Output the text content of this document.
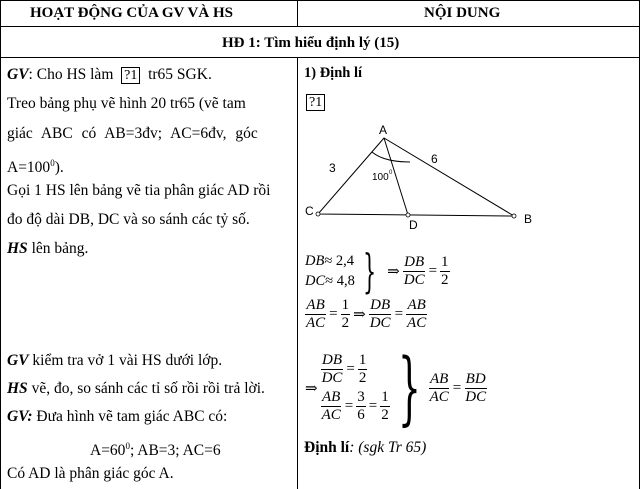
HOẠT ĐỘNG CỦA GV VÀ HS	NỘI DUNG
HĐ 1: Tìm hiểu định lý (15)
GV: Cho HS làm ?1 tr65 SGK.
Treo bảng phụ vẽ hình 20 tr65 (vẽ tam
giác ABC có AB=3đv; AC=6đv, góc
$A=100^0$).
Gọi 1 HS lên bảng vẽ tia phân giác AD rồi
đo độ dài DB, DC và so sánh các tỷ số.
HS lên bảng.
GV kiểm tra vở 1 vài HS dưới lớp.
HS vẽ, đo, so sánh các tỉ số rồi rồi trả lời.
GV: Đưa hình vẽ tam giác ABC có:
$A=60^0$; AB=3; AC=6
Có AD là phân giác góc A.
1) Định lí
?1
A
B
C
D
3
6
100 0
DB≈ 2,4
DC≈ 4,8 } ⇒ $\frac{DB}{DC} = \frac{1}{2}$
$\frac{AB}{AC} = \frac{1}{2}$ ⇒ $\frac{DB}{DC} = \frac{AB}{AC}$
⇒
$\frac{DB}{DC} = \frac{1}{2}$
$\frac{AB}{AC} = \frac{3}{6} = \frac{1}{2}$ } $\frac{AB}{AC} = \frac{BD}{DC}$
Định lí: (sgk Tr 65)
